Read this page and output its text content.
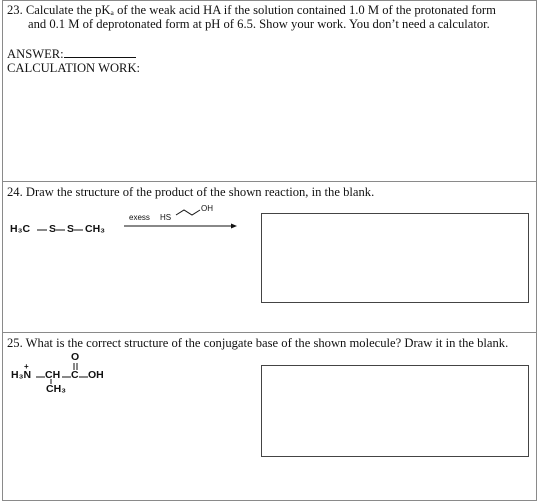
23. Calculate the pKₐ of the weak acid HA if the solution contained 1.0 M of the protonated form
and 0.1 M of deprotonated form at pH of 6.5. Show your work. You don’t need a calculator.
ANSWER:
CALCULATION WORK:
24. Draw the structure of the product of the shown reaction, in the blank.
H₃C S S CH₃
exess HS
OH
25. What is the correct structure of the conjugate base of the shown molecule? Draw it in the blank.
+
H₃N CH C OH
O
CH₃
